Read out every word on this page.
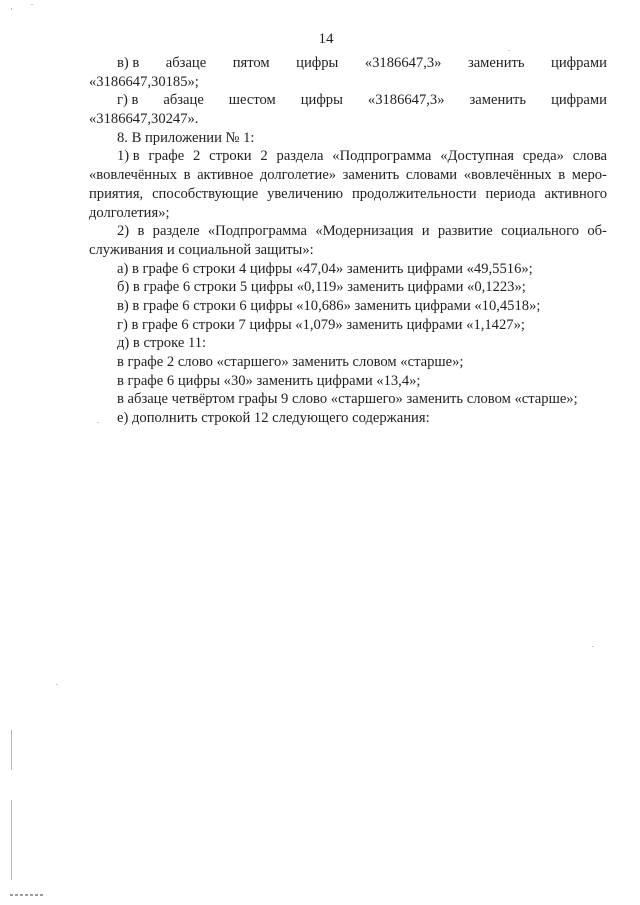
14
в) в абзаце пятом цифры «3186647,3» заменить цифрами
«3186647,30185»;
г) в абзаце шестом цифры «3186647,3» заменить цифрами
«3186647,30247».
8. В приложении № 1:
1) в графе 2 строки 2 раздела «Подпрограмма «Доступная среда» слова
«вовлечённых в активное долголетие» заменить словами «вовлечённых в меро-
приятия, способствующие увеличению продолжительности периода активного
долголетия»;
2) в разделе «Подпрограмма «Модернизация и развитие социального об-
служивания и социальной защиты»:
а) в графе 6 строки 4 цифры «47,04» заменить цифрами «49,5516»;
б) в графе 6 строки 5 цифры «0,119» заменить цифрами «0,1223»;
в) в графе 6 строки 6 цифры «10,686» заменить цифрами «10,4518»;
г) в графе 6 строки 7 цифры «1,079» заменить цифрами «1,1427»;
д) в строке 11:
в графе 2 слово «старшего» заменить словом «старше»;
в графе 6 цифры «30» заменить цифрами «13,4»;
в абзаце четвёртом графы 9 слово «старшего» заменить словом «старше»;
е) дополнить строкой 12 следующего содержания:
